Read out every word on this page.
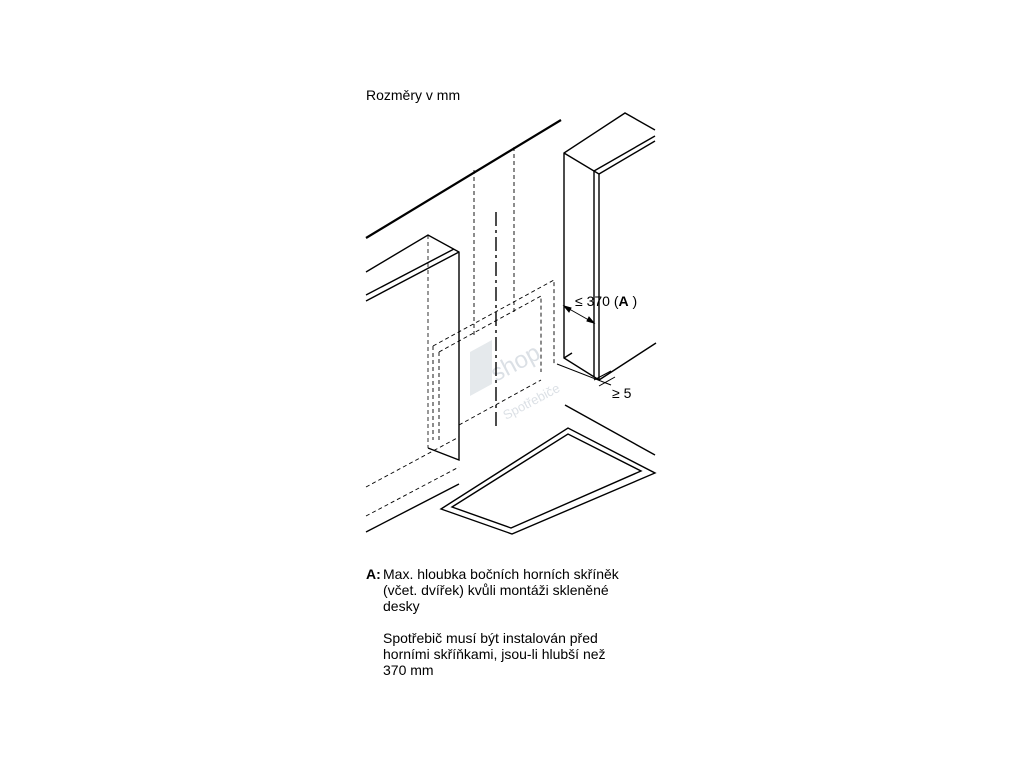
Rozměry v mm
shop
Spotřebiče
≤ 370 (A )
≥ 5
A: Max. hloubka bočních horních skříněk

(včet. dvířek) kvůli montáži skleněné

desky

Spotřebič musí být instalován před

horními skříňkami, jsou-li hlubší než

370 mm
